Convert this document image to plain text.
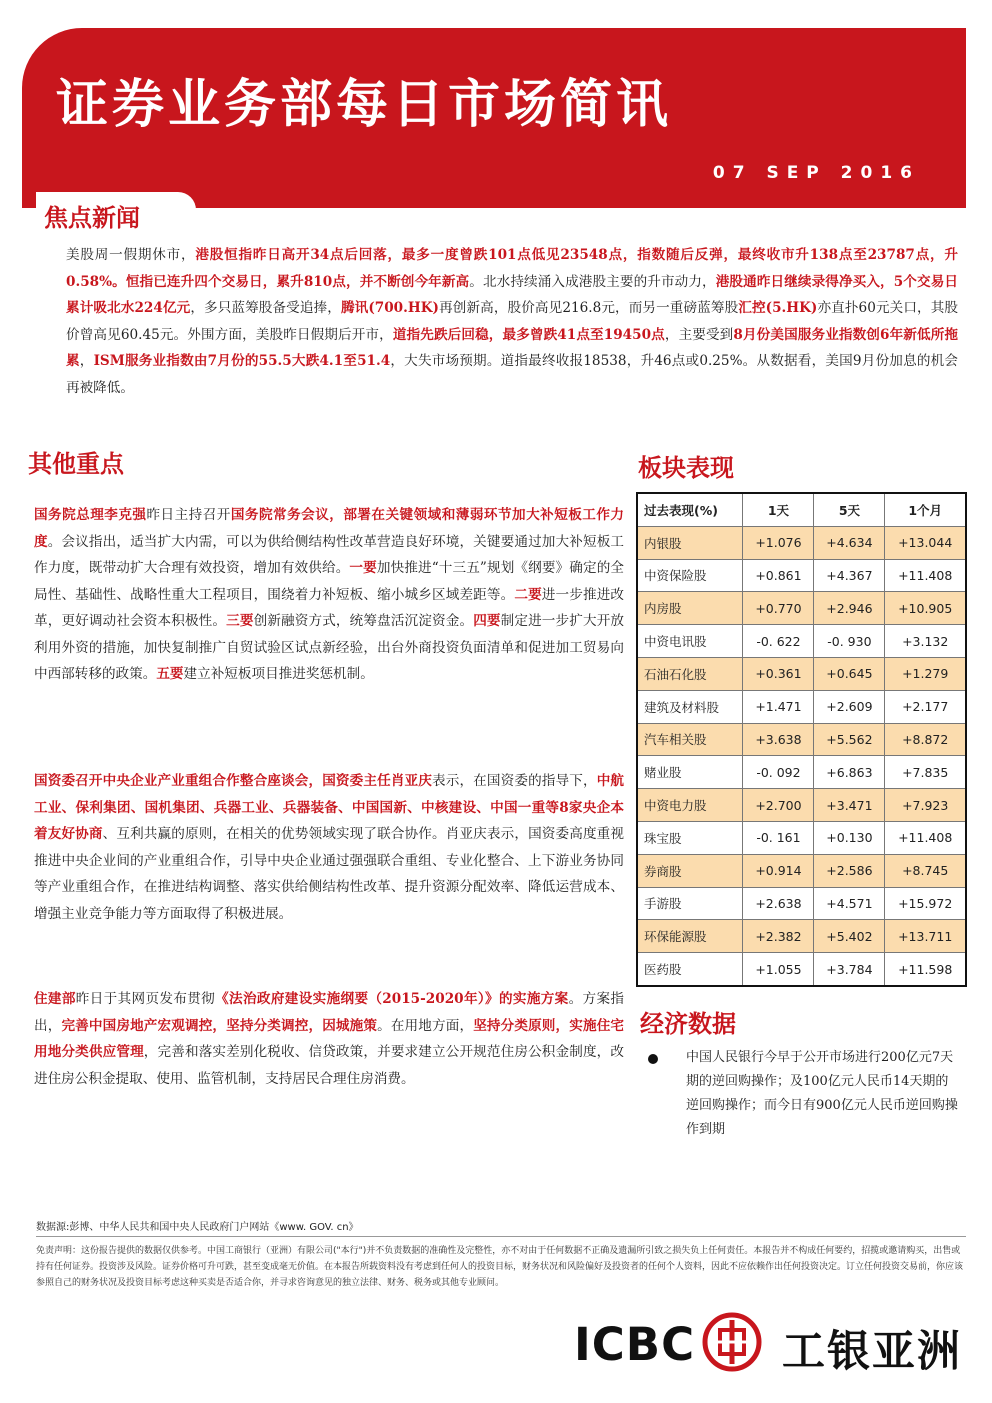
证券业务部每日市场简讯
07 SEP 2016
焦点新闻

美股周一假期休市，港股恒指昨日高开34点后回落，最多一度曾跌101点低见23548点，指数随后反弹，最终收市升138点至23787点，升0.58%。恒指已连升四个交易日，累升810点，并不断创今年新高。北水持续涌入成港股主要的升市动力，港股通昨日继续录得净买入，5个交易日累计吸北水224亿元，多只蓝筹股备受追捧，腾讯(700.HK)再创新高，股价高见216.8元，而另一重磅蓝筹股汇控(5.HK)亦直扑60元关口，其股价曾高见60.45元。外围方面，美股昨日假期后开市，道指先跌后回稳，最多曾跌41点至19450点，主要受到8月份美国服务业指数创6年新低所拖累，ISM服务业指数由7月份的55.5大跌4.1至51.4，大失市场预期。道指最终收报18538，升46点或0.25%。从数据看，美国9月份加息的机会再被降低。

其他重点

国务院总理李克强昨日主持召开国务院常务会议，部署在关键领域和薄弱环节加大补短板工作力度。会议指出，适当扩大内需，可以为供给侧结构性改革营造良好环境，关键要通过加大补短板工作力度，既带动扩大合理有效投资，增加有效供给。一要加快推进“十三五”规划《纲要》确定的全局性、基础性、战略性重大工程项目，围绕着力补短板、缩小城乡区域差距等。二要进一步推进改革，更好调动社会资本积极性。三要创新融资方式，统筹盘活沉淀资金。四要制定进一步扩大开放利用外资的措施，加快复制推广自贸试验区试点新经验，出台外商投资负面清单和促进加工贸易向中西部转移的政策。五要建立补短板项目推进奖惩机制。

国资委召开中央企业产业重组合作整合座谈会，国资委主任肖亚庆表示，在国资委的指导下，中航工业、保利集团、国机集团、兵器工业、兵器装备、中国国新、中核建设、中国一重等8家央企本着友好协商、互利共赢的原则，在相关的优势领域实现了联合协作。肖亚庆表示，国资委高度重视推进中央企业间的产业重组合作，引导中央企业通过强强联合重组、专业化整合、上下游业务协同等产业重组合作，在推进结构调整、落实供给侧结构性改革、提升资源分配效率、降低运营成本、增强主业竞争能力等方面取得了积极进展。

住建部昨日于其网页发布贯彻《法治政府建设实施纲要（2015-2020年）》的实施方案。方案指出，完善中国房地产宏观调控，坚持分类调控，因城施策。在用地方面，坚持分类原则，实施住宅用地分类供应管理，完善和落实差别化税收、信贷政策，并要求建立公开规范住房公积金制度，改进住房公积金提取、使用、监管机制，支持居民合理住房消费。

板块表现
过去表现(%)	1天	5天	1个月
内银股	+1.076	+4.634	+13.044
中资保险股	+0.861	+4.367	+11.408
内房股	+0.770	+2.946	+10.905
中资电讯股	-0. 622	-0. 930	+3.132
石油石化股	+0.361	+0.645	+1.279
建筑及材料股	+1.471	+2.609	+2.177
汽车相关股	+3.638	+5.562	+8.872
赌业股	-0. 092	+6.863	+7.835
中资电力股	+2.700	+3.471	+7.923
珠宝股	-0. 161	+0.130	+11.408
券商股	+0.914	+2.586	+8.745
手游股	+2.638	+4.571	+15.972
环保能源股	+2.382	+5.402	+13.711
医药股	+1.055	+3.784	+11.598
经济数据

中国人民银行今早于公开市场进行200亿元7天期的逆回购操作；及100亿元人民币14天期的逆回购操作；而今日有900亿元人民币逆回购操作到期

数据源:彭博、中华人民共和国中央人民政府门户网站《www. GOV. cn》

免责声明：这份报告提供的数据仅供参考。中国工商银行（亚洲）有限公司("本行")并不负责数据的准确性及完整性，亦不对由于任何数据不正确及遗漏所引致之损失负上任何责任。本报告并不构成任何要约，招揽或邀请购买，出售或持有任何证券。投资涉及风险。证券价格可升可跌，甚至变成毫无价值。在本报告所载资料没有考虑到任何人的投资目标，财务状况和风险偏好及投资者的任何个人资料，因此不应依赖作出任何投资决定。订立任何投资交易前，你应该参照自己的财务状况及投资目标考虑这种买卖是否适合你，并寻求咨询意见的独立法律、财务、税务或其他专业顾问。

ICBC 工银亚洲
